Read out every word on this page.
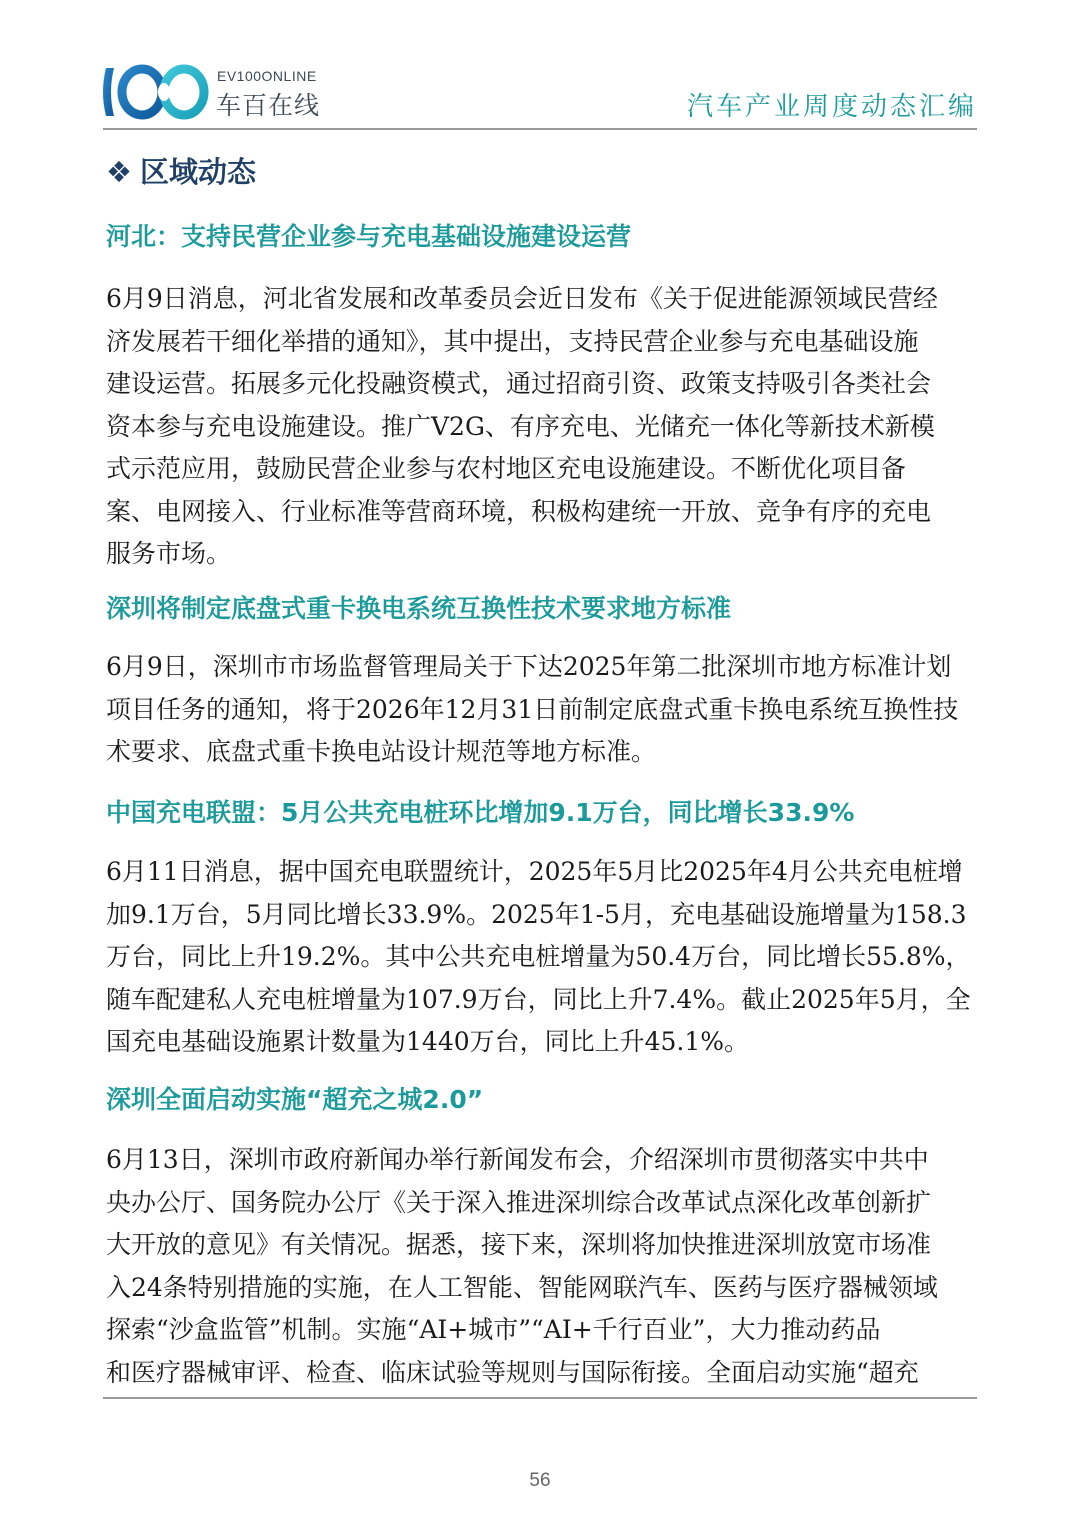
EV100ONLINE
车百在线	汽车产业周度动态汇编
❖ 区域动态
河北：支持民营企业参与充电基础设施建设运营

6月9日消息，河北省发展和改革委员会近日发布《关于促进能源领域民营经

济发展若干细化举措的通知》，其中提出，支持民营企业参与充电基础设施

建设运营。拓展多元化投融资模式，通过招商引资、政策支持吸引各类社会

资本参与充电设施建设。推广V2G、有序充电、光储充一体化等新技术新模

式示范应用，鼓励民营企业参与农村地区充电设施建设。不断优化项目备

案、电网接入、行业标准等营商环境，积极构建统一开放、竞争有序的充电

服务市场。

深圳将制定底盘式重卡换电系统互换性技术要求地方标准

6月9日，深圳市市场监督管理局关于下达2025年第二批深圳市地方标准计划

项目任务的通知，将于2026年12月31日前制定底盘式重卡换电系统互换性技

术要求、底盘式重卡换电站设计规范等地方标准。

中国充电联盟：5月公共充电桩环比增加9.1万台，同比增长33.9%

6月11日消息，据中国充电联盟统计，2025年5月比2025年4月公共充电桩增

加9.1万台，5月同比增长33.9%。2025年1-5月，充电基础设施增量为158.3

万台，同比上升19.2%。其中公共充电桩增量为50.4万台，同比增长55.8%，

随车配建私人充电桩增量为107.9万台，同比上升7.4%。截止2025年5月，全

国充电基础设施累计数量为1440万台，同比上升45.1%。

深圳全面启动实施“超充之城2.0”

6月13日，深圳市政府新闻办举行新闻发布会，介绍深圳市贯彻落实中共中

央办公厅、国务院办公厅《关于深入推进深圳综合改革试点深化改革创新扩

大开放的意见》有关情况。据悉，接下来，深圳将加快推进深圳放宽市场准

入24条特别措施的实施，在人工智能、智能网联汽车、医药与医疗器械领域

探索“沙盒监管”机制。实施“AI+城市”“AI+千行百业”，大力推动药品

和医疗器械审评、检查、临床试验等规则与国际衔接。全面启动实施“超充

56
